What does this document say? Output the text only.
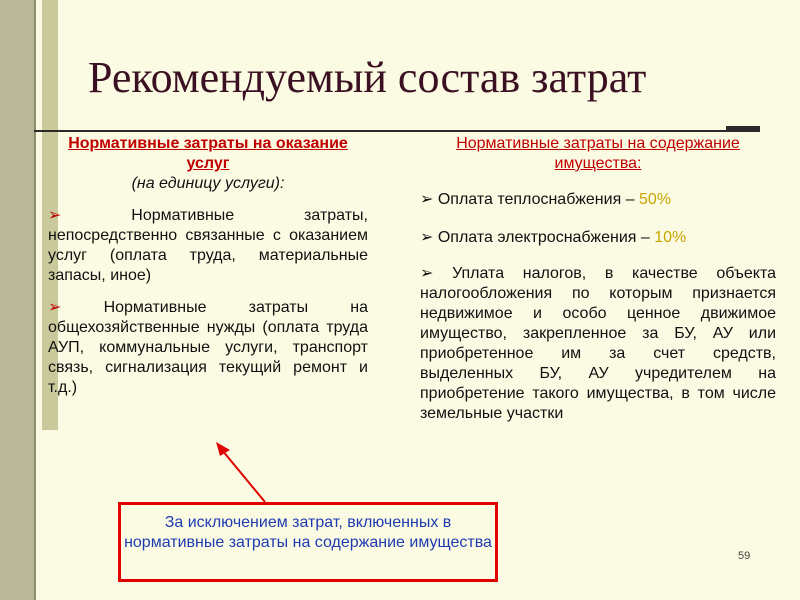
Рекомендуемый состав затрат
Нормативные затраты на оказание услуг
(на единицу услуги):
➢ Нормативные затраты, непосредственно связанные с оказанием услуг (оплата труда, материальные запасы, иное)
➢ Нормативные затраты на общехозяйственные нужды (оплата труда АУП, коммунальные услуги, транспорт связь, сигнализация текущий ремонт и т.д.)
Нормативные затраты на содержание имущества:
➢ Оплата теплоснабжения – 50%
➢ Оплата электроснабжения – 10%
➢ Уплата налогов, в качестве объекта налогообложения по которым признается недвижимое и особо ценное движимое имущество, закрепленное за БУ, АУ или приобретенное им за счет средств, выделенных БУ, АУ учредителем на приобретение такого имущества, в том числе земельные участки
За исключением затрат, включенных в нормативные затраты на содержание имущества
59
